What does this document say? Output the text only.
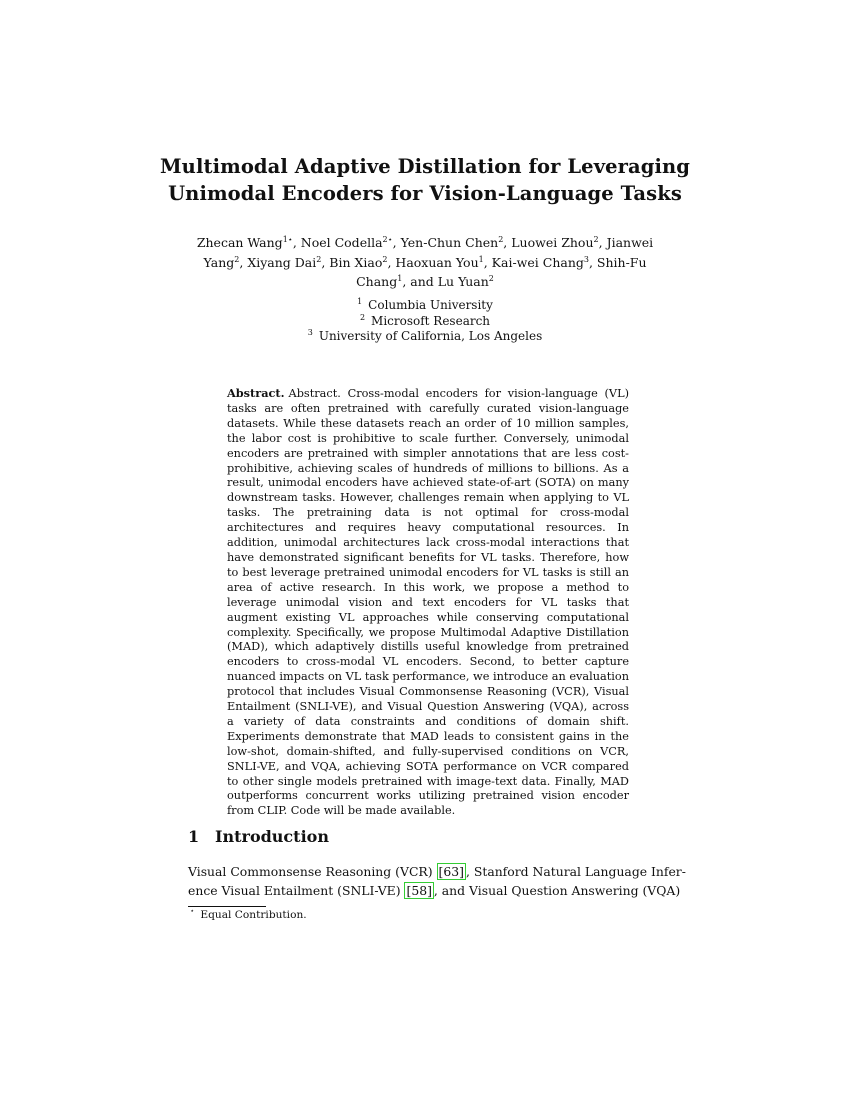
Multimodal Adaptive Distillation for Leveraging
Unimodal Encoders for Vision-Language Tasks
Zhecan Wang$^{1⋆}$, Noel Codella$^{2⋆}$, Yen-Chun Chen$^2$, Luowei Zhou$^2$, Jianwei
Yang$^2$, Xiyang Dai$^2$, Bin Xiao$^2$, Haoxuan You$^1$, Kai-wei Chang$^3$, Shih-Fu
Chang$^1$, and Lu Yuan$^2$
$^1$ Columbia University
$^2$ Microsoft Research
$^3$ University of California, Los Angeles
Abstract. Abstract. Cross-modal encoders for vision-language (VL) tasks are often pretrained with carefully curated vision-language datasets. While these datasets reach an order of 10 million samples, the labor cost is prohibitive to scale further. Conversely, unimodal encoders are pretrained with simpler annotations that are less cost-prohibitive, achieving scales of hundreds of millions to billions. As a result, unimodal encoders have achieved state-of-art (SOTA) on many downstream tasks. However, challenges remain when applying to VL tasks. The pretraining data is not optimal for cross-modal architectures and requires heavy computational resources. In addition, unimodal architectures lack cross-modal interactions that have demonstrated significant benefits for VL tasks. Therefore, how to best leverage pretrained unimodal encoders for VL tasks is still an area of active research. In this work, we propose a method to leverage unimodal vision and text encoders for VL tasks that augment existing VL approaches while conserving computational complexity. Specifically, we propose Multimodal Adaptive Distillation (MAD), which adaptively distills useful knowledge from pretrained encoders to cross-modal VL encoders. Second, to better capture nuanced impacts on VL task performance, we introduce an evaluation protocol that includes Visual Commonsense Reasoning (VCR), Visual Entailment (SNLI-VE), and Visual Question Answering (VQA), across a variety of data constraints and conditions of domain shift. Experiments demonstrate that MAD leads to consistent gains in the low-shot, domain-shifted, and fully-supervised conditions on VCR, SNLI-VE, and VQA, achieving SOTA performance on VCR compared to other single models pretrained with image-text data. Finally, MAD outperforms concurrent works utilizing pretrained vision encoder from CLIP. Code will be made available.
1 Introduction
Visual Commonsense Reasoning (VCR) [63] , Stanford Natural Language Infer-
ence Visual Entailment (SNLI-VE) [58] , and Visual Question Answering (VQA)
⋆ Equal Contribution.
